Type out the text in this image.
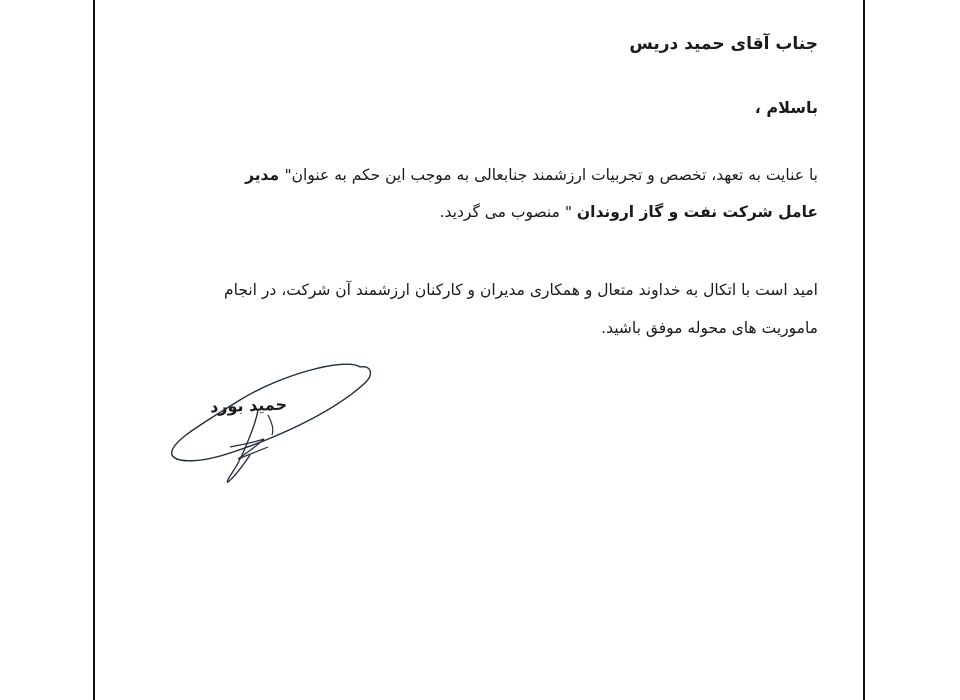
جناب آقای حمید دریس
باسلام ،
با عنایت به تعهد، تخصص و تجربیات ارزشمند جنابعالی به موجب این حکم به عنوان" مدیر
عامل شرکت نفت و گاز اروندان " منصوب می گردید.
امید است با اتکال به خداوند متعال و همکاری مدیران و کارکنان ارزشمند آن شرکت، در انجام
ماموریت های محوله موفق باشید.
حمید بورد
